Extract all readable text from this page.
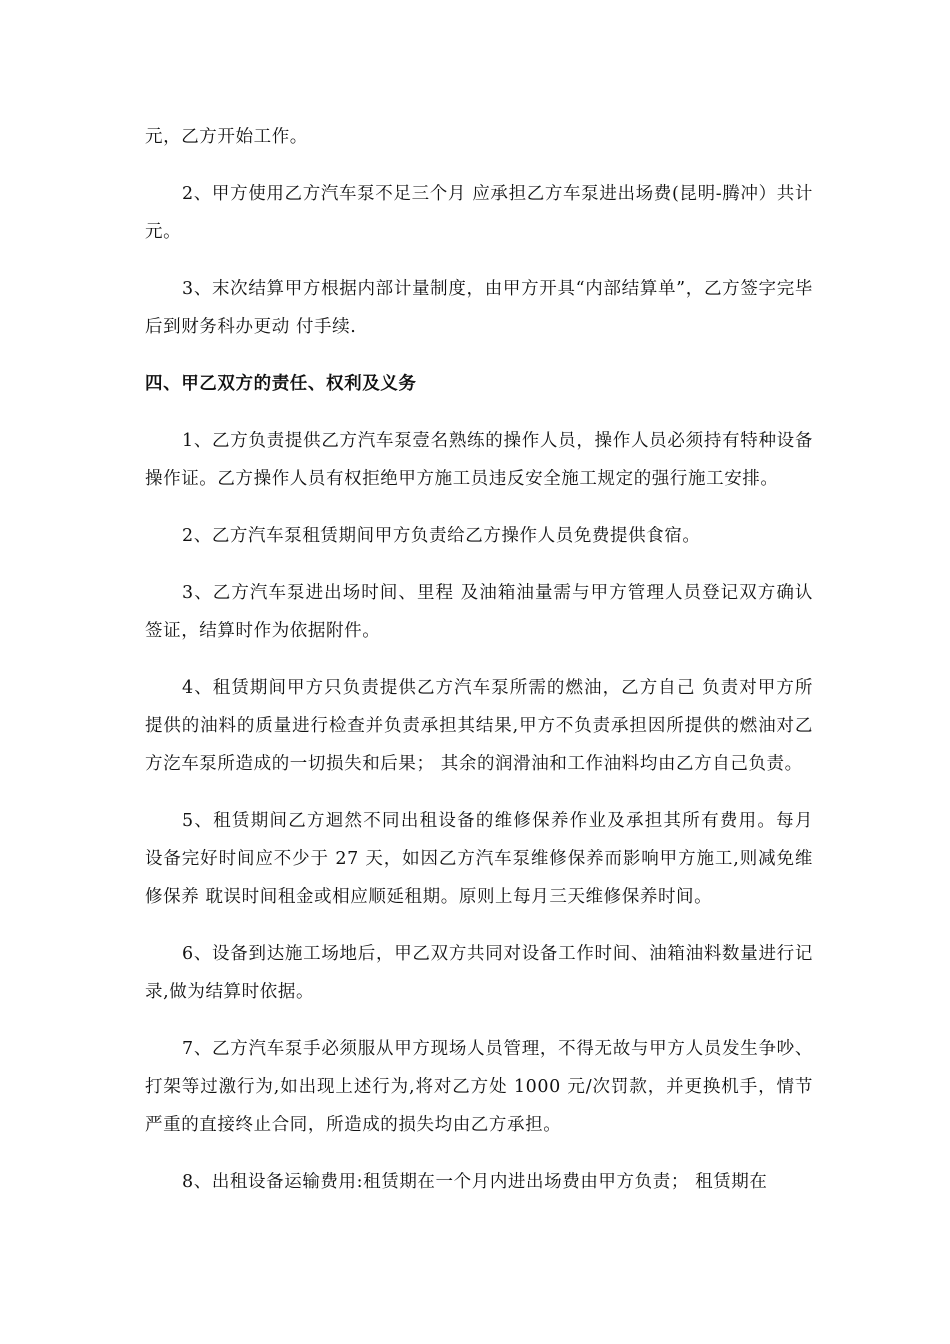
元，乙方开始工作。

2、甲方使用乙方汽车泵不足三个月 应承担乙方车泵进出场费(昆明-腾冲）共计元。

3、末次结算甲方根据内部计量制度，由甲方开具“内部结算单”，乙方签字完毕后到财务科办更动 付手续.

四、甲乙双方的责任、权利及义务

1、乙方负责提供乙方汽车泵壹名熟练的操作人员，操作人员必须持有特种设备操作证。乙方操作人员有权拒绝甲方施工员违反安全施工规定的强行施工安排。

2、乙方汽车泵租赁期间甲方负责给乙方操作人员免费提供食宿。

3、乙方汽车泵进出场时间、里程 及油箱油量需与甲方管理人员登记双方确认签证，结算时作为依据附件。

4、租赁期间甲方只负责提供乙方汽车泵所需的燃油，乙方自己 负责对甲方所提供的油料的质量进行检查并负责承担其结果,甲方不负责承担因所提供的燃油对乙方汔车泵所造成的一切损失和后果； 其余的润滑油和工作油料均由乙方自己负责。

5、租赁期间乙方迴然不同出租设备的维修保养作业及承担其所有费用。每月 设备完好时间应不少于 27 天，如因乙方汽车泵维修保养而影响甲方施工,则减免维修保养 耽误时间租金或相应顺延租期。原则上每月三天维修保养时间。

6、设备到达施工场地后，甲乙双方共同对设备工作时间、油箱油料数量进行记录,做为结算时依据。

7、乙方汽车泵手必须服从甲方现场人员管理，不得无故与甲方人员发生争吵、打架等过激行为,如出现上述行为,将对乙方处 1000 元/次罚款，并更换机手，情节严重的直接终止合同，所造成的损失均由乙方承担。

8、出租设备运输费用:租赁期在一个月内进出场费由甲方负责； 租赁期在
